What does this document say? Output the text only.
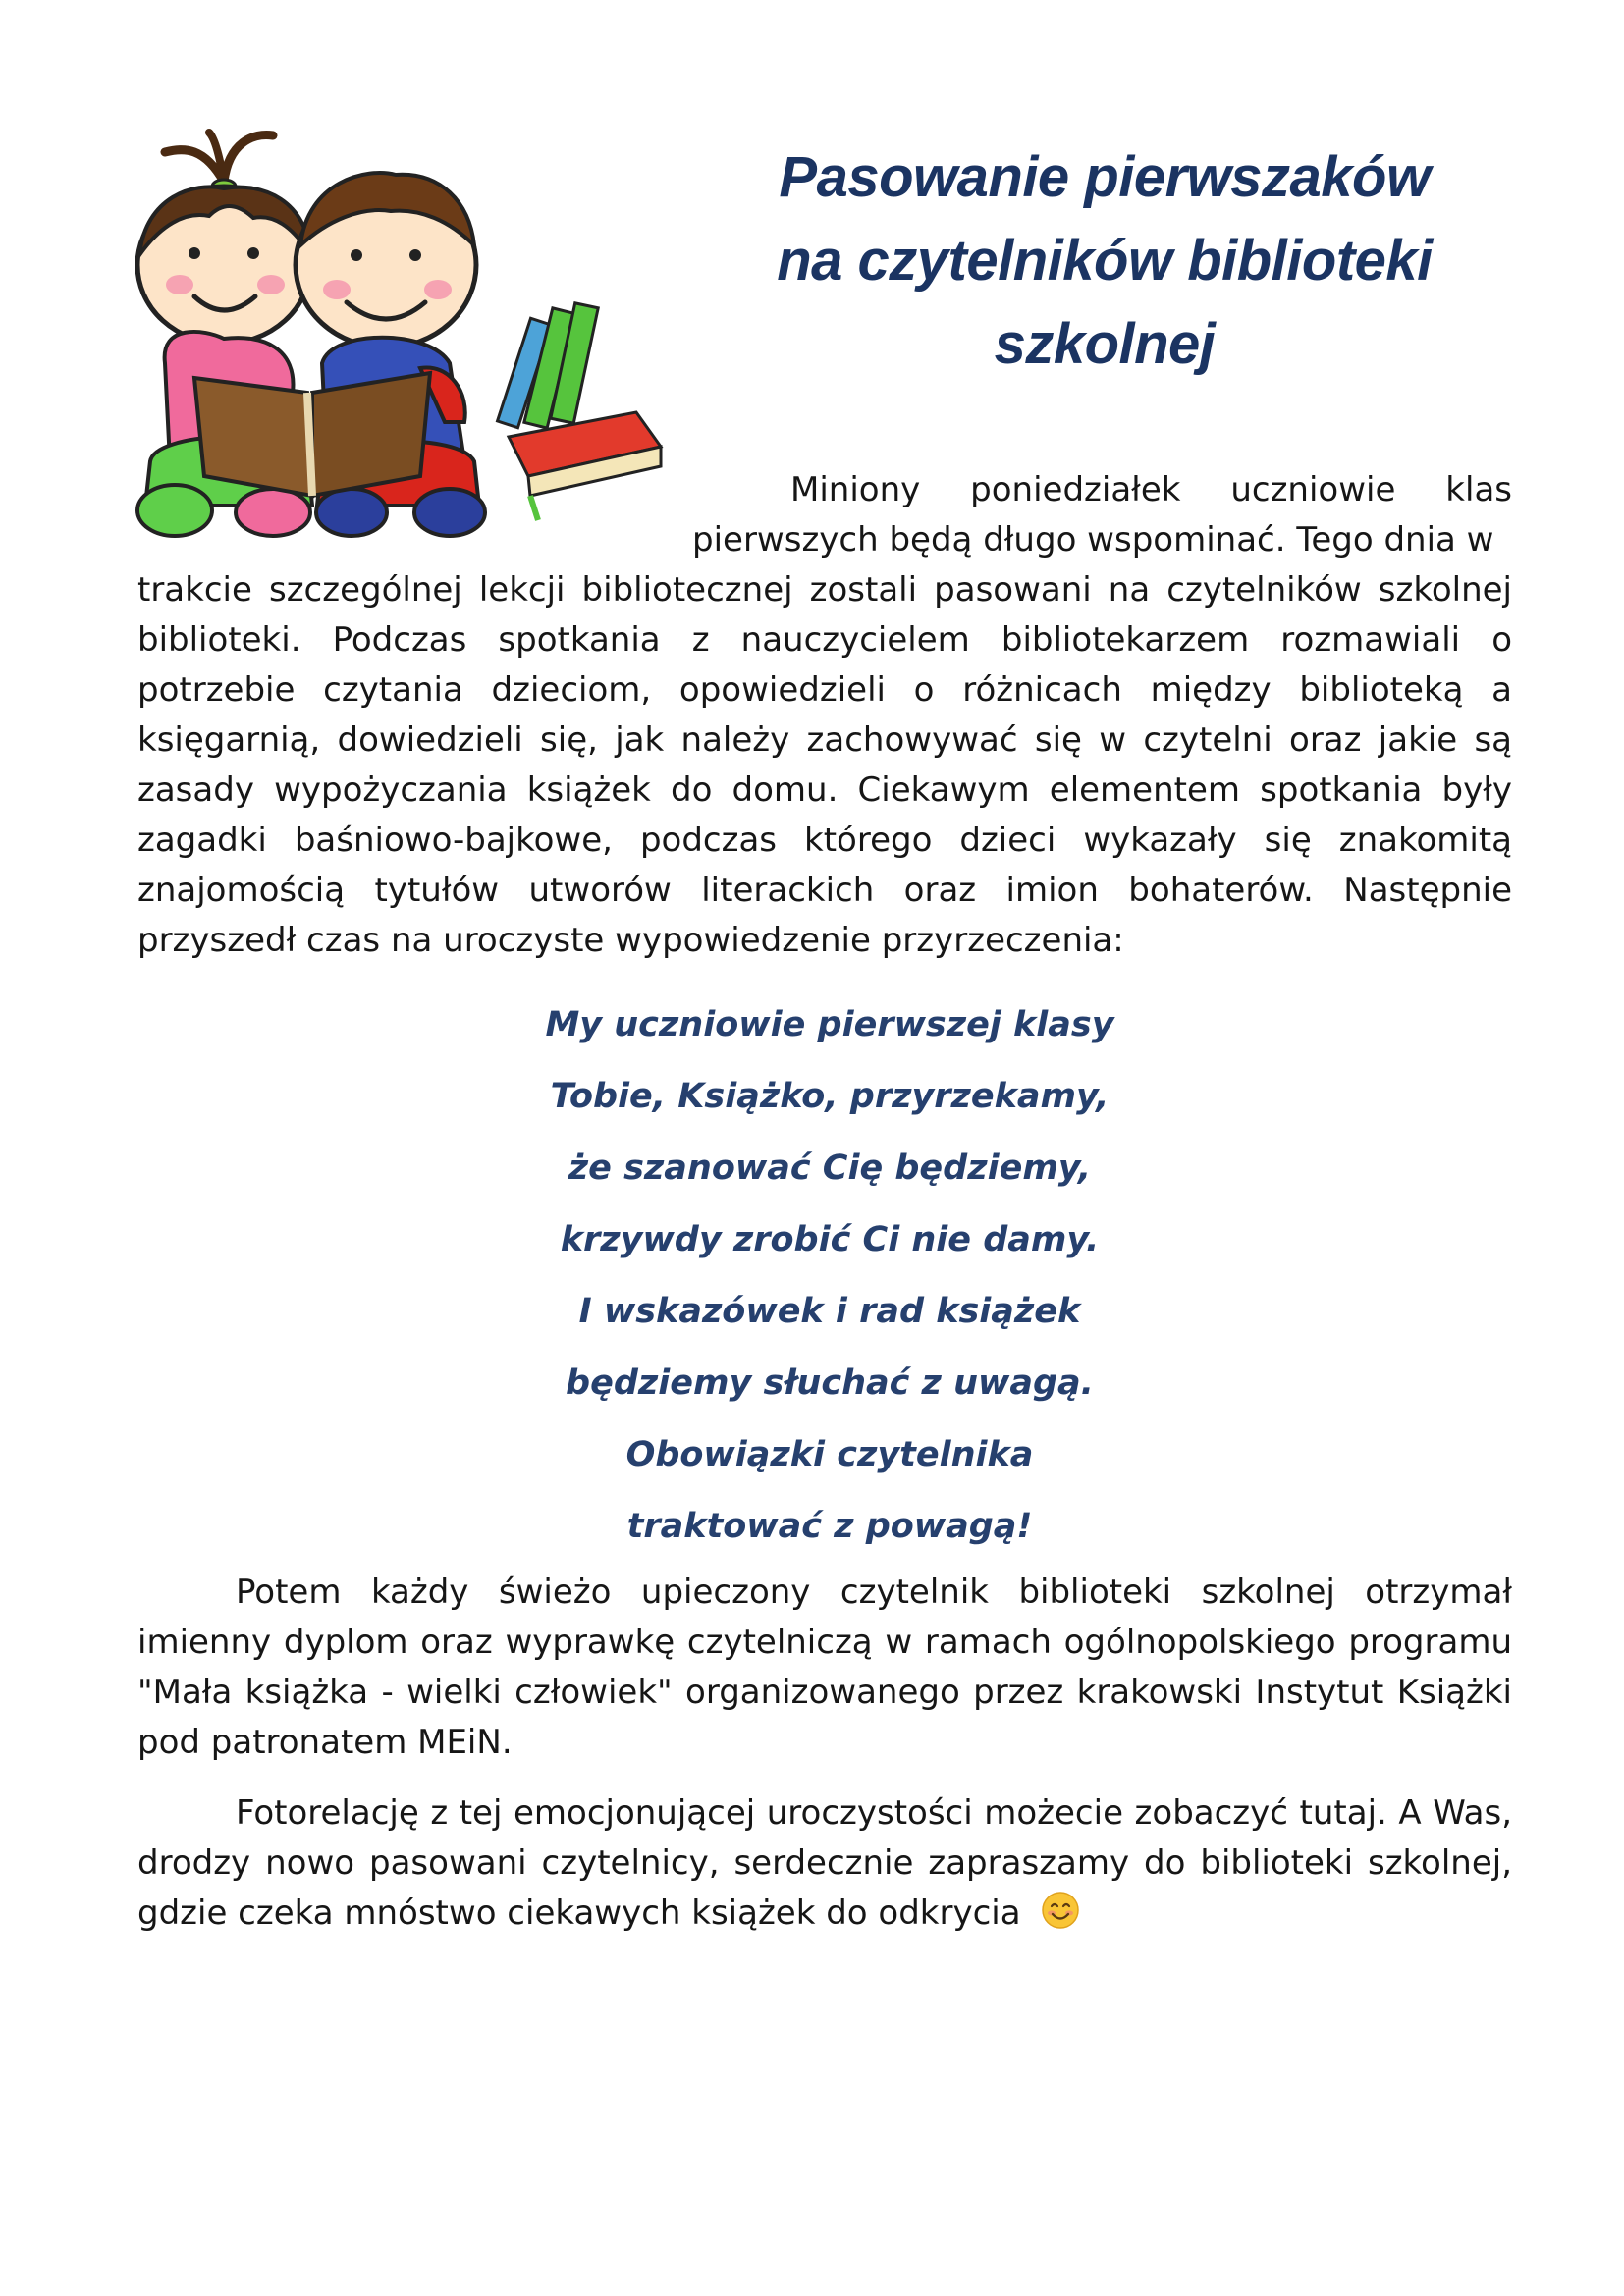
Pasowanie pierwszaków
na czytelników biblioteki
szkolnej
Miniony poniedziałek uczniowie klas pierwszych będą długo wspominać. Tego dnia w
trakcie szczególnej lekcji bibliotecznej zostali pasowani na czytelników szkolnej biblioteki. Podczas spotkania z nauczycielem bibliotekarzem rozmawiali o potrzebie czytania dzieciom, opowiedzieli o różnicach między biblioteką a księgarnią, dowiedzieli się, jak należy zachowywać się w czytelni oraz jakie są zasady wypożyczania książek do domu. Ciekawym elementem spotkania były zagadki baśniowo-bajkowe, podczas którego dzieci wykazały się znakomitą znajomością tytułów utworów literackich oraz imion bohaterów. Następnie przyszedł czas na uroczyste wypowiedzenie przyrzeczenia:
My uczniowie pierwszej klasy
Tobie, Książko, przyrzekamy,
że szanować Cię będziemy,
krzywdy zrobić Ci nie damy.
I wskazówek i rad książek
będziemy słuchać z uwagą.
Obowiązki czytelnika
traktować z powagą!
Potem każdy świeżo upieczony czytelnik biblioteki szkolnej otrzymał imienny dyplom oraz wyprawkę czytelniczą w ramach ogólnopolskiego programu "Mała książka - wielki człowiek" organizowanego przez krakowski Instytut Książki pod patronatem MEiN.
Fotorelację z tej emocjonującej uroczystości możecie zobaczyć tutaj. A Was, drodzy nowo pasowani czytelnicy, serdecznie zapraszamy do biblioteki szkolnej, gdzie czeka mnóstwo ciekawych książek do odkrycia
